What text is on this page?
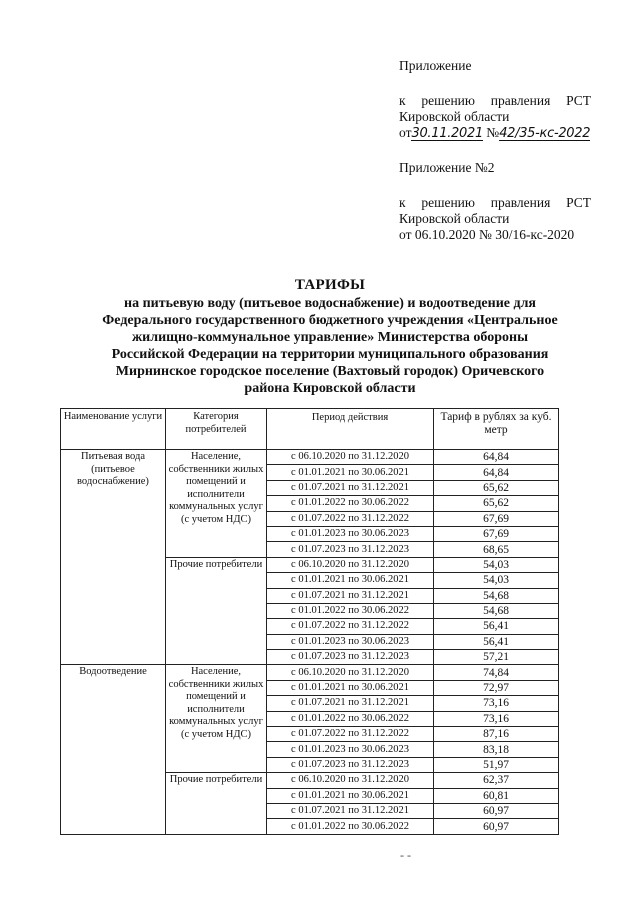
Приложение
к решению правления РСТ
Кировской области
от30.11.2021 №42/35-кс-2022
Приложение №2
к решению правления РСТ
Кировской области
от 06.10.2020 № 30/16-кс-2020
ТАРИФЫ
на питьевую воду (питьевое водоснабжение) и водоотведение для
Федерального государственного бюджетного учреждения «Центральное
жилищно-коммунальное управление» Министерства обороны
Российской Федерации на территории муниципального образования
Мирнинское городское поселение (Вахтовый городок) Оричевского
района Кировской области
Наименование услуги	Категория потребителей	Период действия	Тариф в рублях за куб. метр

Питьевая вода (питьевое водоснабжение)	Население, собственники жилых помещений и исполнители коммунальных услуг (с учетом НДС)	с 06.10.2020 по 31.12.2020	64,84
		с 01.01.2021 по 30.06.2021	64,84
		с 01.07.2021 по 31.12.2021	65,62
		с 01.01.2022 по 30.06.2022	65,62
		с 01.07.2022 по 31.12.2022	67,69
		с 01.01.2023 по 30.06.2023	67,69
		с 01.07.2023 по 31.12.2023	68,65

	Прочие потребители	с 06.10.2020 по 31.12.2020	54,03
		с 01.01.2021 по 30.06.2021	54,03
		с 01.07.2021 по 31.12.2021	54,68
		с 01.01.2022 по 30.06.2022	54,68
		с 01.07.2022 по 31.12.2022	56,41
		с 01.01.2023 по 30.06.2023	56,41
		с 01.07.2023 по 31.12.2023	57,21

Водоотведение	Население, собственники жилых помещений и исполнители коммунальных услуг (с учетом НДС)	с 06.10.2020 по 31.12.2020	74,84
		с 01.01.2021 по 30.06.2021	72,97
		с 01.07.2021 по 31.12.2021	73,16
		с 01.01.2022 по 30.06.2022	73,16
		с 01.07.2022 по 31.12.2022	87,16
		с 01.01.2023 по 30.06.2023	83,18
		с 01.07.2023 по 31.12.2023	51,97

	Прочие потребители	с 06.10.2020 по 31.12.2020	62,37
		с 01.01.2021 по 30.06.2021	60,81
		с 01.07.2021 по 31.12.2021	60,97
		с 01.01.2022 по 30.06.2022	60,97
- -
